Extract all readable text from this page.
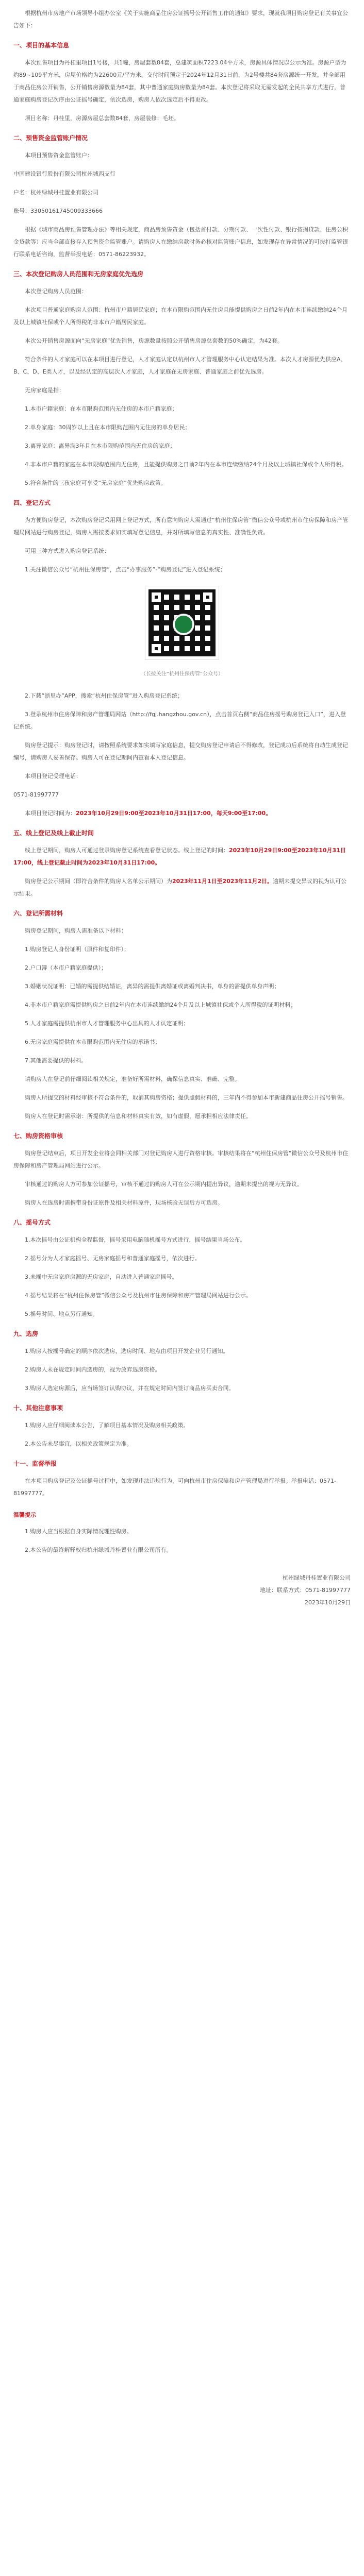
根据杭州市房地产市场领导小组办公室《关于实施商品住房公证摇号公开销售工作的通知》要求，现就我项目购房登记有关事宜公告如下：

一、项目的基本信息

本次预售项目为丹桂里项目1号楼，共1幢，房屋套数84套，总建筑面积7223.04平方米，房源具体情况以公示为准。房源户型为约89~109平方米，房屋价格约为22600元/平方米。交付时间预定于2024年12月31日前，为2号楼共84套房源统一开发，并全部用于商品住房公开销售，公开销售房源数量为84套，其中普通家庭购房数量为84套。本次登记将采取无需发起的全民共享方式进行，普通家庭购房登记次序由公证摇号确定，依次选房，购房人依次选定后不得更改。

项目名称：丹桂里，房源房屋总套数84套，房屋装修：毛坯。

二、预售资金监管账户情况

本项目预售资金监管账户：

中国建设银行股份有限公司杭州城西支行

户名：杭州绿城丹桂置业有限公司

账号：33050161745009333666

根据《城市商品房预售管理办法》等相关规定，商品房预售资金（包括首付款、分期付款、一次性付款、银行按揭贷款、住房公积金贷款等）应当全部直接存入预售资金监管账户。请购房人在缴纳房款时务必核对监管账户信息，如发现存在异常情况的可拨打监管银行联系电话咨询，监督举报电话：0571-86223932。

三、本次登记购房人员范围和无房家庭优先选房

本次登记购房人员范围：

本次项目普通家庭购房人范围：杭州市户籍居民家庭；在本市限购范围内无住房且能提供购房之日前2年内在本市连续缴纳24个月及以上城镇社保或个人所得税的非本市户籍居民家庭。

本次公开销售房源面向“无房家庭”优先销售，房源数量按照公开销售房源总套数的50%确定，为42套。

符合条件的人才家庭可以在本项目进行登记，人才家庭认定以杭州市人才管理服务中心认定结果为准。本次人才房源优先供应A、B、C、D、E类人才，以及经认定的高层次人才家庭，人才家庭在无房家庭、普通家庭之前优先选房。

无房家庭是指：

1.本市户籍家庭：在本市限购范围内无住房的本市户籍家庭；

2.单身家庭：30周岁以上且在本市限购范围内无住房的单身居民；

3.离异家庭：离异满3年且在本市限购范围内无住房的家庭；

4.非本市户籍的家庭在本市限购范围内无住房，且能提供购房之日前2年内在本市连续缴纳24个月及以上城镇社保或个人所得税。

5.符合条件的三孩家庭可享受“无房家庭”优先购房政策。

四、登记方式

为方便购房登记，本次购房登记采用网上登记方式，所有意向购房人需通过“杭州住保房管”微信公众号或杭州市住房保障和房产管理局网站进行购房登记，购房人需按要求如实填写登记信息，并对所填写信息的真实性、准确性负责。

可用三种方式进入购房登记系统：

1.关注微信公众号“杭州住保房管”，点击“办事服务”-“购房登记”进入登记系统；

（长按关注“杭州住保房管”公众号）

2.下载“浙里办”APP，搜索“杭州住保房管”进入购房登记系统；

3.登录杭州市住房保障和房产管理局网站（http://fgj.hangzhou.gov.cn），点击首页右侧“商品住房摇号购房登记入口”，进入登记系统。

购房登记提示：购房登记时，请按照系统要求如实填写家庭信息，提交购房登记申请后不得修改，登记成功后系统将自动生成登记编号，请购房人妥善保存。购房人可在登记期间内查看本人登记信息。

本项目登记受理电话：

0571-81997777

本项目登记时间为：2023年10月29日9:00至2023年10月31日17:00，每天9:00至17:00。

五、线上登记及线上截止时间

线上登记期间，购房人可通过登录购房登记系统查看登记状态。线上登记的时间：2023年10月29日9:00至2023年10月31日17:00，线上登记截止时间为2023年10月31日17:00。

购房登记公示期间（即符合条件的购房人名单公示期间）为2023年11月1日至2023年11月2日。逾期未提交异议的视为认可公示结果。

六、登记所需材料

购房登记期间，购房人需准备以下材料：

1.购房登记人身份证明（原件和复印件）；

2.户口簿（本市户籍家庭提供）；

3.婚姻状况证明：已婚的需提供结婚证，离异的需提供离婚证或离婚判决书，单身的需提供单身声明；

4.非本市户籍家庭需提供购房之日前2年内在本市连续缴纳24个月及以上城镇社保或个人所得税的证明材料；

5.人才家庭需提供杭州市人才管理服务中心出具的人才认定证明；

6.无房家庭需提供在本市限购范围内无住房的承诺书；

7.其他需要提供的材料。

请购房人在登记前仔细阅读相关规定，准备好所需材料，确保信息真实、准确、完整。

购房人所提交的材料经审核不符合条件的，取消其购房资格；提供虚假材料的，三年内不得参加本市新建商品住房公开摇号销售。

购房人在登记时需承诺：所提供的信息和材料真实有效，如有虚假，愿承担相应法律责任。

七、购房资格审核

购房登记结束后，项目开发企业将会同相关部门对登记购房人进行资格审核。审核结果将在“杭州住保房管”微信公众号及杭州市住房保障和房产管理局网站进行公示。

审核通过的购房人方可参加公证摇号，审核不通过的购房人可在公示期内提出异议，逾期未提出的视为无异议。

购房人在选房时需携带身份证原件及相关材料原件，现场核验无误后方可选房。

八、摇号方式

1.本次摇号由公证机构全程监督，摇号采用电脑随机摇号方式进行，摇号结果当场公布。

2.摇号分为人才家庭摇号、无房家庭摇号和普通家庭摇号，依次进行。

3.未摇中无房家庭房源的无房家庭，自动进入普通家庭摇号。

4.摇号结果将在“杭州住保房管”微信公众号及杭州市住房保障和房产管理局网站进行公示。

5.摇号时间、地点另行通知。

九、选房

1.购房人按摇号确定的顺序依次选房，选房时间、地点由项目开发企业另行通知。

2.购房人未在规定时间内选房的，视为放弃选房资格。

3.购房人选定房源后，应当场签订认购协议，并在规定时间内签订商品房买卖合同。

十、其他注意事项

1.购房人应仔细阅读本公告，了解项目基本情况及购房相关政策。

2.本公告未尽事宜，以相关政策规定为准。

十一、监督举报

在本项目购房登记及公证摇号过程中，如发现违法违规行为，可向杭州市住房保障和房产管理局进行举报。举报电话：0571-81997777。

温馨提示

1.购房人应当根据自身实际情况理性购房。

2.本公告的最终解释权归杭州绿城丹桂置业有限公司所有。

杭州绿城丹桂置业有限公司

地址：联系方式：0571-81997777

2023年10月29日
